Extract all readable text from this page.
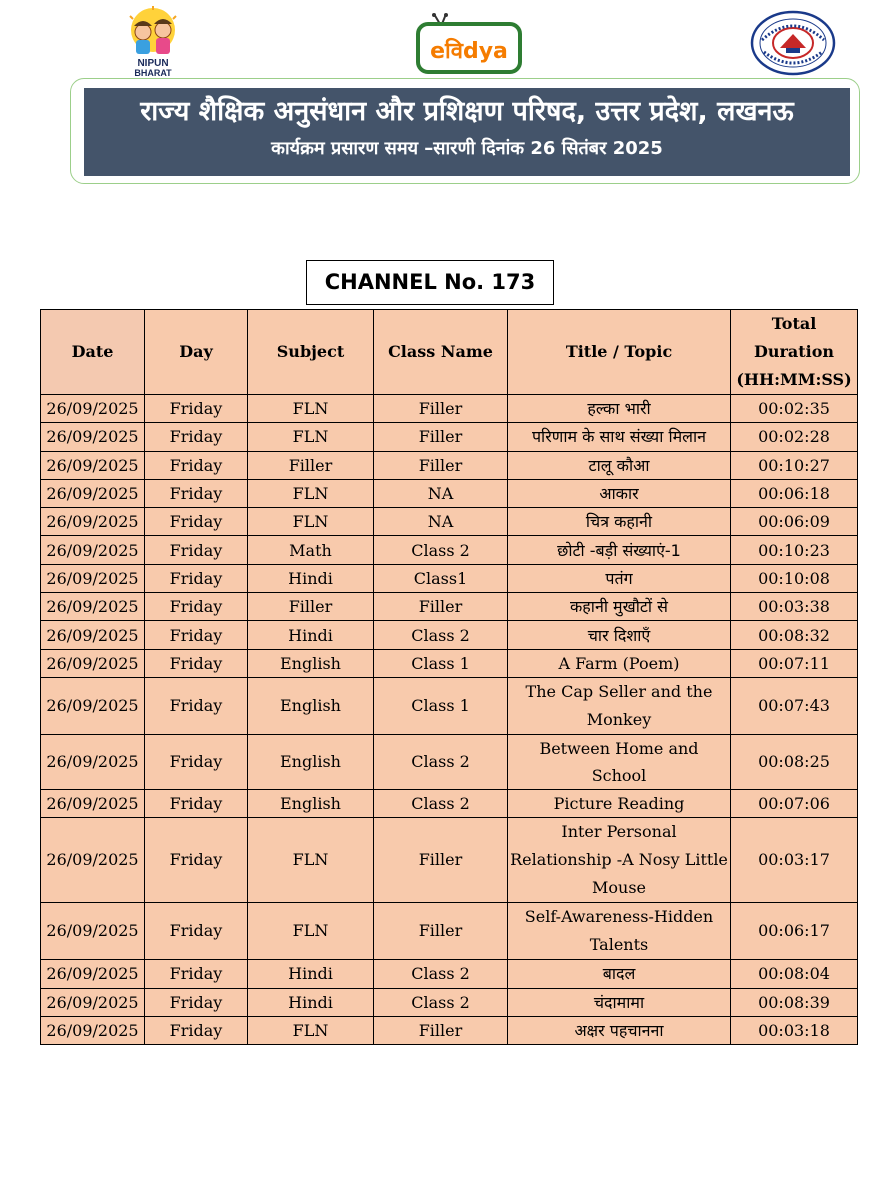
NIPUN
BHARAT
eविdya
राज्य शैक्षिक अनुसंधान और प्रशिक्षण परिषद, उत्तर प्रदेश, लखनऊ
कार्यक्रम प्रसारण समय –सारणी दिनांक 26 सितंबर 2025
CHANNEL No. 173
Date	Day	Subject	Class Name	Title / Topic	Total Duration (HH:MM:SS)
26/09/2025	Friday	FLN	Filler	हल्का भारी	00:02:35
26/09/2025	Friday	FLN	Filler	परिणाम के साथ संख्या मिलान	00:02:28
26/09/2025	Friday	Filler	Filler	टालू कौआ	00:10:27
26/09/2025	Friday	FLN	NA	आकार	00:06:18
26/09/2025	Friday	FLN	NA	चित्र कहानी	00:06:09
26/09/2025	Friday	Math	Class 2	छोटी -बड़ी संख्याएं-1	00:10:23
26/09/2025	Friday	Hindi	Class1	पतंग	00:10:08
26/09/2025	Friday	Filler	Filler	कहानी मुखौटों से	00:03:38
26/09/2025	Friday	Hindi	Class 2	चार दिशाएँ	00:08:32
26/09/2025	Friday	English	Class 1	A Farm (Poem)	00:07:11
26/09/2025	Friday	English	Class 1	The Cap Seller and the Monkey	00:07:43
26/09/2025	Friday	English	Class 2	Between Home and School	00:08:25
26/09/2025	Friday	English	Class 2	Picture Reading	00:07:06
26/09/2025	Friday	FLN	Filler	Inter Personal Relationship -A Nosy Little Mouse	00:03:17
26/09/2025	Friday	FLN	Filler	Self-Awareness-Hidden Talents	00:06:17
26/09/2025	Friday	Hindi	Class 2	बादल	00:08:04
26/09/2025	Friday	Hindi	Class 2	चंदामामा	00:08:39
26/09/2025	Friday	FLN	Filler	अक्षर पहचानना	00:03:18
